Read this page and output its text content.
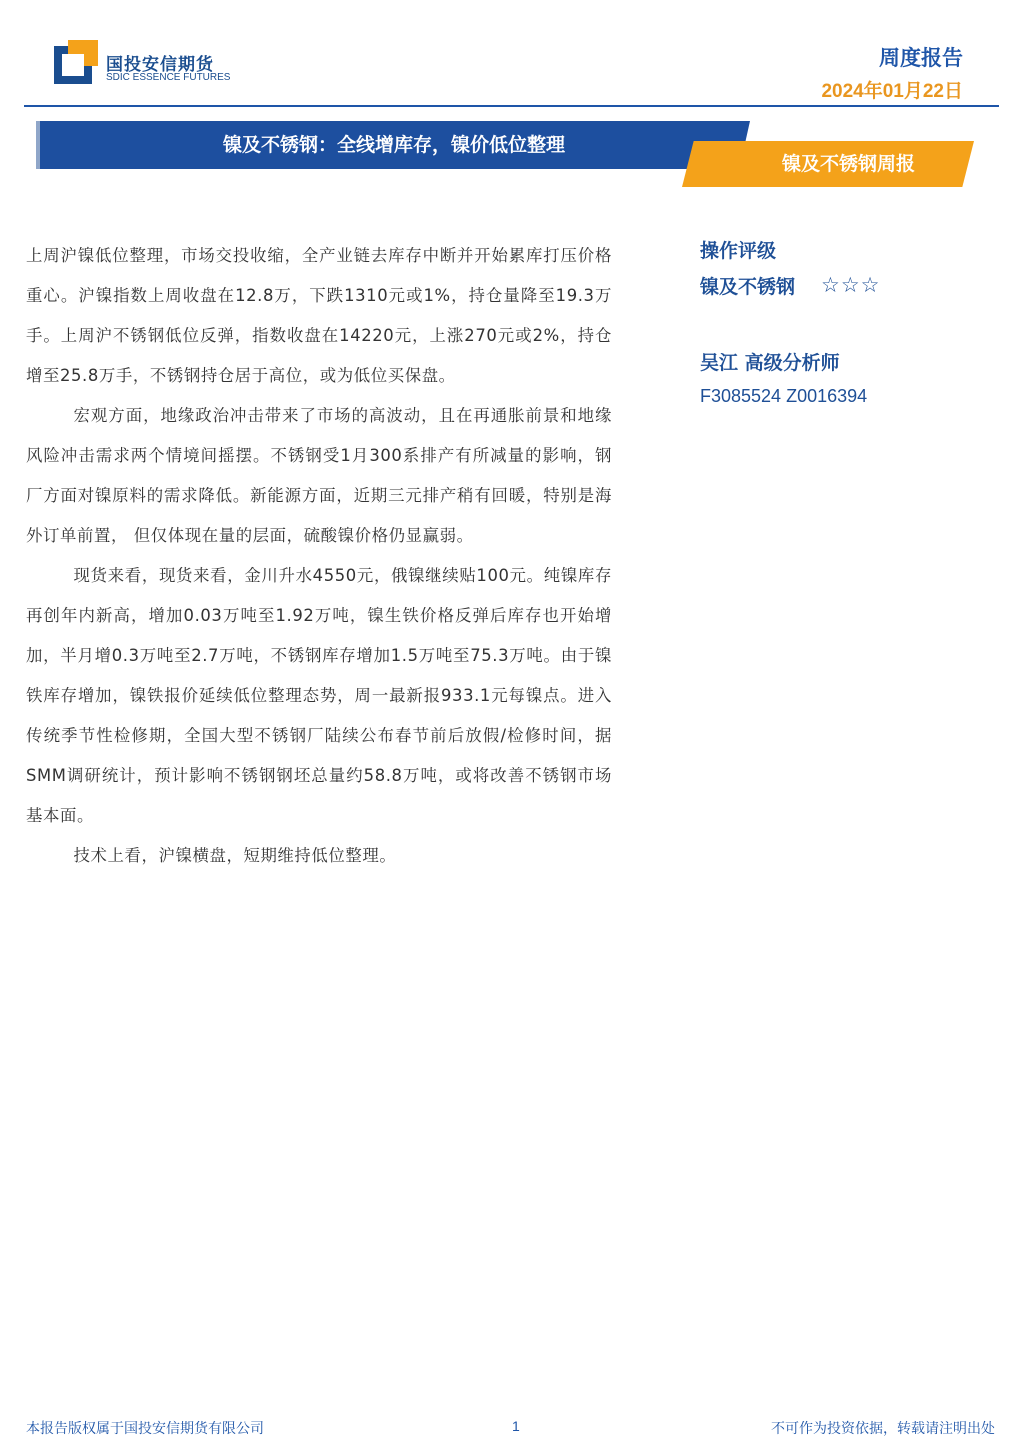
国投安信期货
SDIC ESSENCE FUTURES
周度报告
2024年01月22日
镍及不锈钢：全线增库存，镍价低位整理
镍及不锈钢周报

上周沪镍低位整理，市场交投收缩，全产业链去库存中断并开始累库打压价格重心。沪镍指数上周收盘在12.8万，下跌1310元或1%，持仓量降至19.3万手。上周沪不锈钢低位反弹，指数收盘在14220元，上涨270元或2%，持仓增至25.8万手，不锈钢持仓居于高位，或为低位买保盘。

宏观方面，地缘政治冲击带来了市场的高波动，且在再通胀前景和地缘风险冲击需求两个情境间摇摆。不锈钢受1月300系排产有所减量的影响，钢厂方面对镍原料的需求降低。新能源方面，近期三元排产稍有回暖，特别是海外订单前置， 但仅体现在量的层面，硫酸镍价格仍显赢弱。

现货来看，现货来看，金川升水4550元，俄镍继续贴100元。纯镍库存再创年内新高，增加0.03万吨至1.92万吨，镍生铁价格反弹后库存也开始增加，半月增0.3万吨至2.7万吨，不锈钢库存增加1.5万吨至75.3万吨。由于镍铁库存增加，镍铁报价延续低位整理态势，周一最新报933.1元每镍点。进入传统季节性检修期，全国大型不锈钢厂陆续公布春节前后放假/检修时间，据SMM调研统计，预计影响不锈钢钢坯总量约58.8万吨，或将改善不锈钢市场基本面。

技术上看，沪镍横盘，短期维持低位整理。

操作评级
镍及不锈钢 ☆☆☆
吴江 高级分析师
F3085524 Z0016394
本报告版权属于国投安信期货有限公司	1	不可作为投资依据，转载请注明出处
